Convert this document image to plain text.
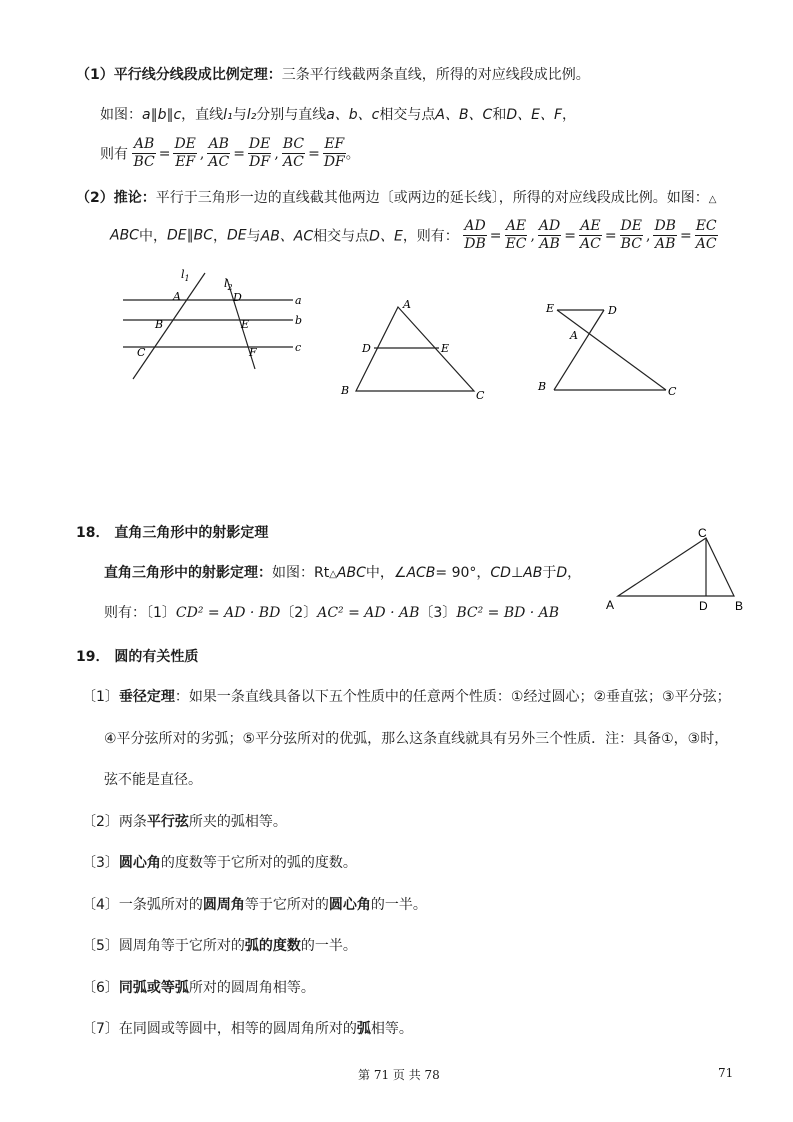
（1）平行线分线段成比例定理：三条平行线截两条直线，所得的对应线段成比例。
如图：a∥b∥c，直线l₁与l₂分别与直线a、b、c相交与点A、B、C和D、E、F，
则有 $\frac{AB}{BC} = \frac{DE}{EF}$ , $\frac{AB}{AC} = \frac{DE}{DF}$ , $\frac{BC}{AC} = \frac{EF}{DF}$ 。
（2）推论：平行于三角形一边的直线截其他两边〔或两边的延长线〕，所得的对应线段成比例。如图：△
ABC中，DE∥BC，DE与AB、AC相交与点D、E，则有： $\frac{AD}{DB} = \frac{AE}{EC}$ , $\frac{AD}{AB} = \frac{AE}{AC} = \frac{DE}{BC}$ , $\frac{DB}{AB} = \frac{EC}{AC}$
$l_1$	$l_2$
a
b
c
A
B
C
D
E
F
A
D	E
B	C
E	D
A
B	C
18． 直角三角形中的射影定理
直角三角形中的射影定理：如图：Rt△ABC中，∠ACB= 90°，CD⊥AB于D，
则有：〔1〕CD² = AD · BD〔2〕AC² = AD · AB〔3〕BC² = BD · AB
C
A	D B
19． 圆的有关性质
〔1〕垂径定理：如果一条直线具备以下五个性质中的任意两个性质：①经过圆心；②垂直弦；③平分弦；
④平分弦所对的劣弧；⑤平分弦所对的优弧，那么这条直线就具有另外三个性质．注：具备①，③时，
弦不能是直径。
〔2〕两条平行弦所夹的弧相等。
〔3〕圆心角的度数等于它所对的弧的度数。
〔4〕一条弧所对的圆周角等于它所对的圆心角的一半。
〔5〕圆周角等于它所对的弧的度数的一半。
〔6〕同弧或等弧所对的圆周角相等。
〔7〕在同圆或等圆中，相等的圆周角所对的弧相等。
第 71 页 共 78	71
